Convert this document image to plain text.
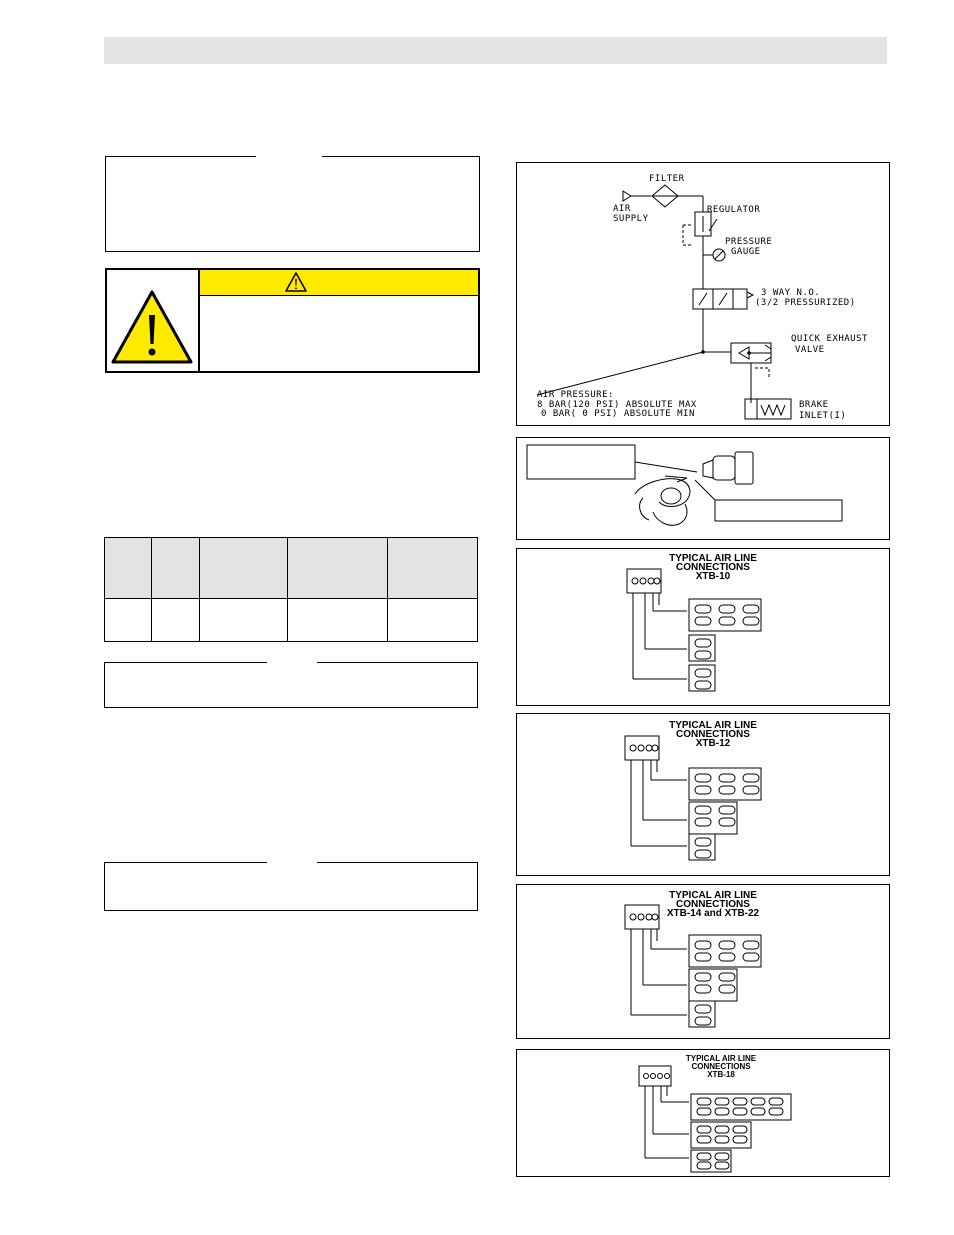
FILTER
AIR
SUPPLY
REGULATOR
PRESSURE
GAUGE
3 WAY N.O.
(3/2 PRESSURIZED)
QUICK EXHAUST
VALVE
AIR PRESSURE:
8 BAR(120 PSI) ABSOLUTE MAX
0 BAR( 0 PSI) ABSOLUTE MIN
BRAKE
INLET(I)
TYPICAL AIR LINE
CONNECTIONS
XTB-10
TYPICAL AIR LINE
CONNECTIONS
XTB-12
TYPICAL AIR LINE
CONNECTIONS
XTB-14 and XTB-22
TYPICAL AIR LINE
CONNECTIONS
XTB-18
